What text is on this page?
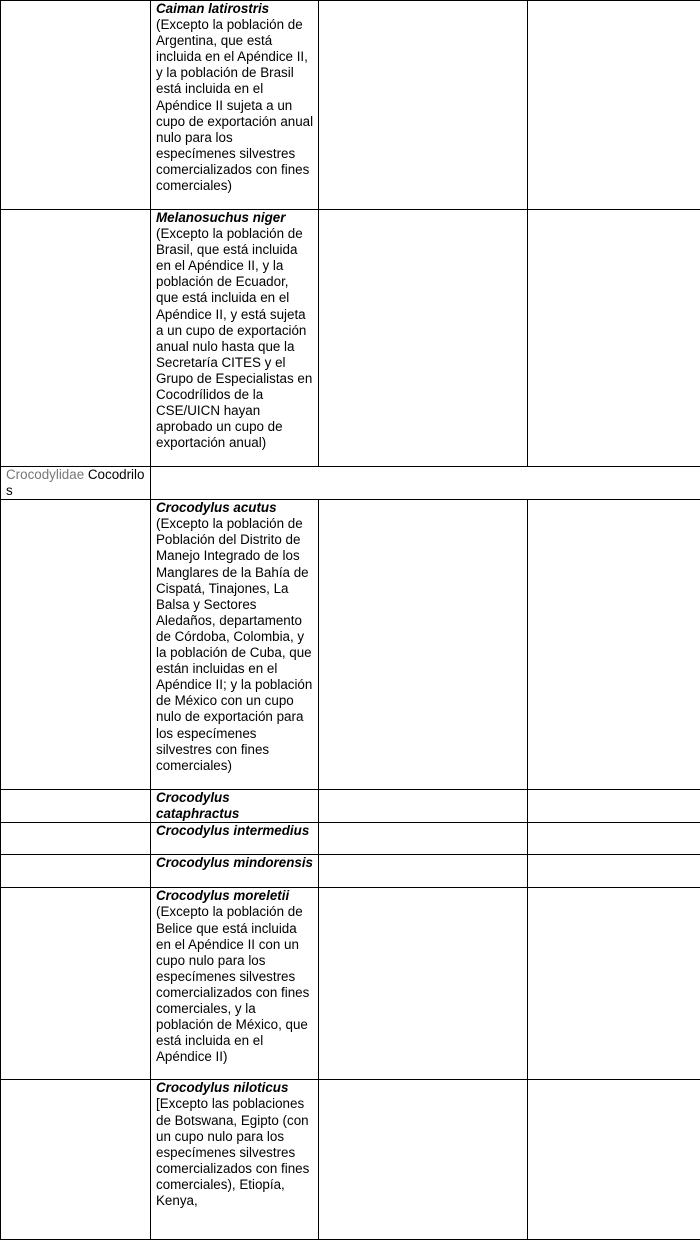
	Caiman latirostris (Excepto la población de Argentina, que está incluida en el Apéndice II, y la población de Brasil está incluida en el Apéndice II sujeta a un cupo de exportación anual nulo para los especímenes silvestres comercializados con fines comerciales)		
	Melanosuchus niger (Excepto la población de Brasil, que está incluida en el Apéndice II, y la población de Ecuador, que está incluida en el Apéndice II, y está sujeta a un cupo de exportación anual nulo hasta que la Secretaría CITES y el Grupo de Especialistas en Cocodrílidos de la CSE/UICN hayan aprobado un cupo de exportación anual)		
Crocodylidae Cocodrilos			
	Crocodylus acutus (Excepto la población de Población del Distrito de Manejo Integrado de los Manglares de la Bahía de Cispatá, Tinajones, La Balsa y Sectores Aledaños, departamento de Córdoba, Colombia, y la población de Cuba, que están incluidas en el Apéndice II; y la población de México con un cupo nulo de exportación para los especímenes silvestres con fines comerciales)		
	Crocodylus cataphractus		
	Crocodylus intermedius		
	Crocodylus mindorensis		
	Crocodylus moreletii (Excepto la población de Belice que está incluida en el Apéndice II con un cupo nulo para los especímenes silvestres comercializados con fines comerciales, y la población de México, que está incluida en el Apéndice II)		
	Crocodylus niloticus [Excepto las poblaciones de Botswana, Egipto (con un cupo nulo para los especímenes silvestres comercializados con fines comerciales), Etiopía, Kenya,		
